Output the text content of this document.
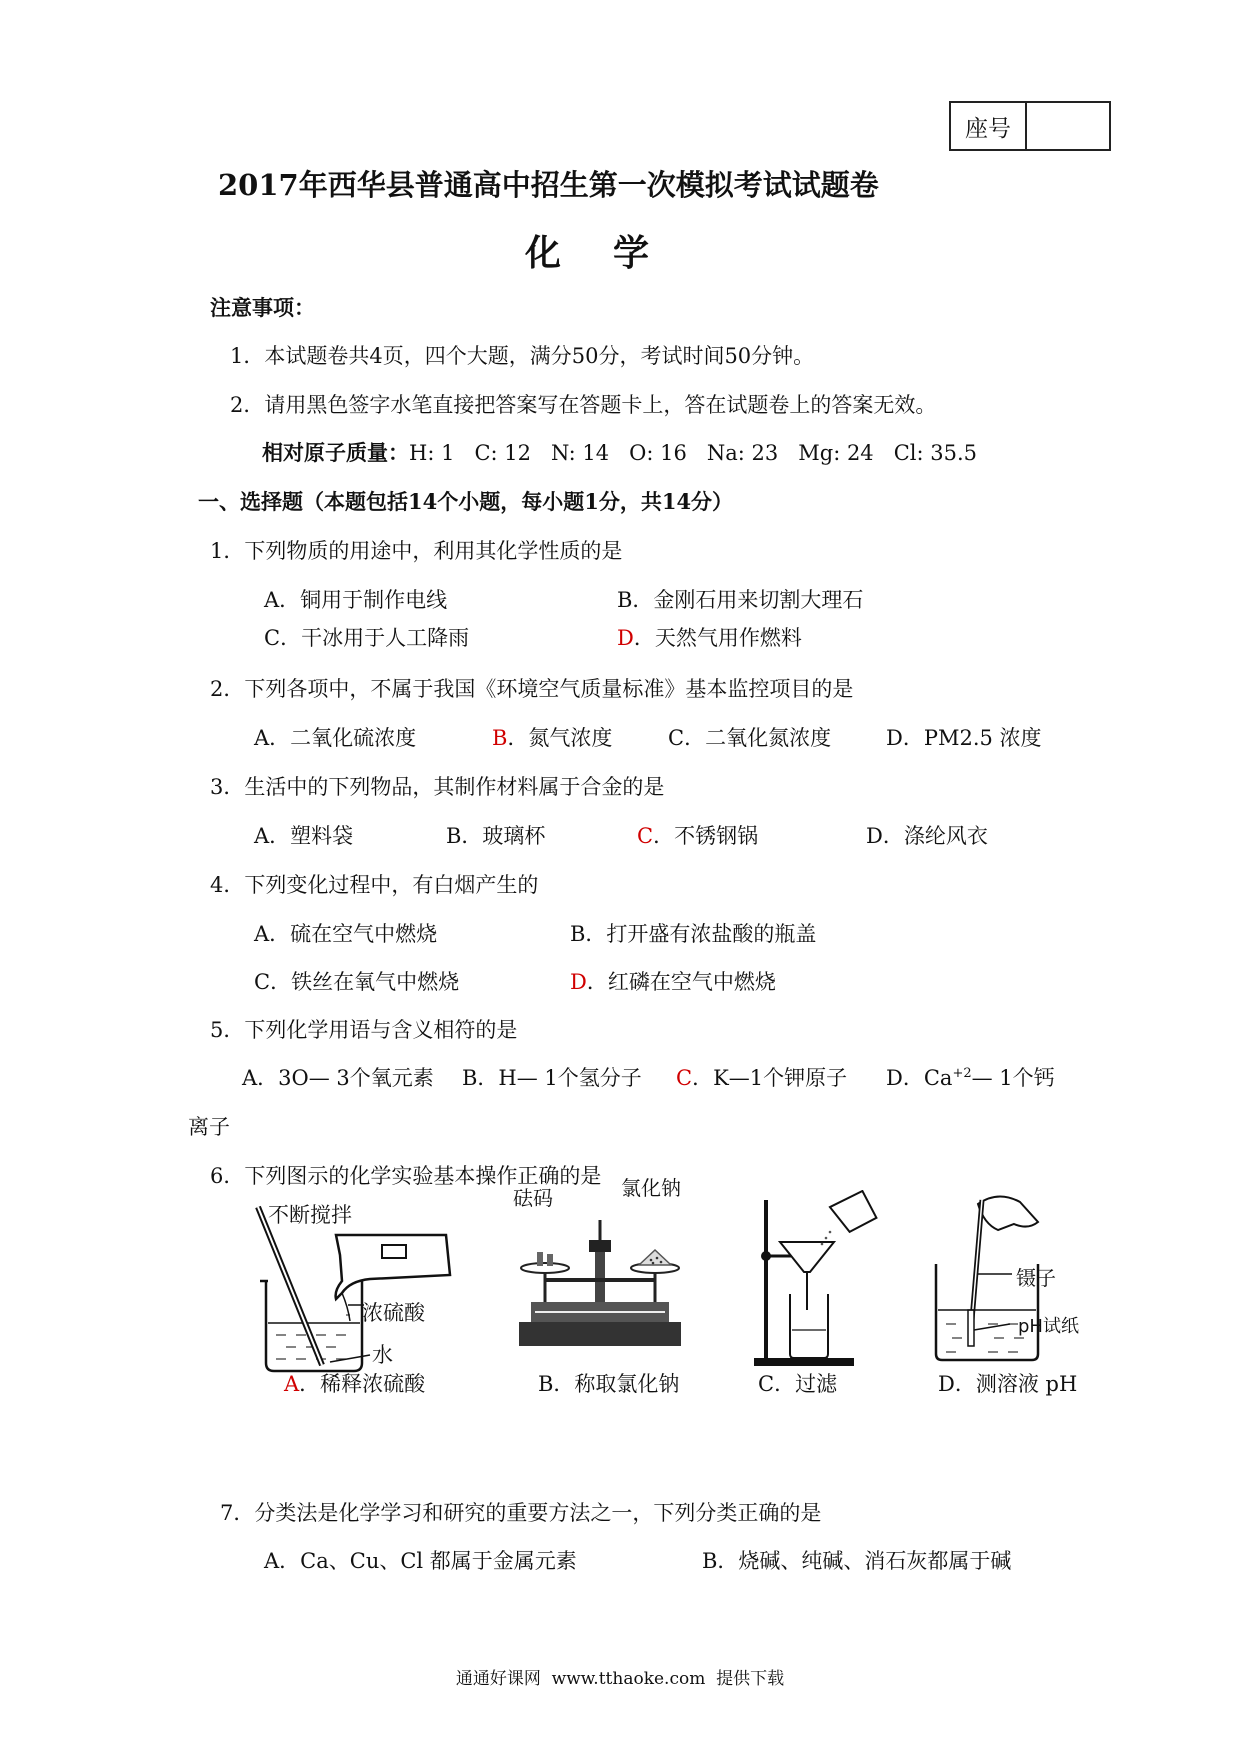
座号
2017年西华县普通高中招生第一次模拟考试试题卷
化学
注意事项：
1．本试题卷共4页，四个大题，满分50分，考试时间50分钟。
2．请用黑色签字水笔直接把答案写在答题卡上，答在试题卷上的答案无效。
相对原子质量：H: 1   C: 12   N: 14   O: 16   Na: 23   Mg: 24   Cl: 35.5
一、选择题（本题包括14个小题，每小题1分，共14分）
1．下列物质的用途中，利用其化学性质的是
A．铜用于制作电线	B．金刚石用来切割大理石
C．干冰用于人工降雨	D．天然气用作燃料
2．下列各项中，不属于我国《环境空气质量标准》基本监控项目的是
A．二氧化硫浓度	B．氮气浓度	C．二氧化氮浓度	D．PM2.5 浓度
3．生活中的下列物品，其制作材料属于合金的是
A．塑料袋	B．玻璃杯	C．不锈钢锅	D．涤纶风衣
4．下列变化过程中，有白烟产生的
A．硫在空气中燃烧	B．打开盛有浓盐酸的瓶盖
C．铁丝在氧气中燃烧	D．红磷在空气中燃烧
5．下列化学用语与含义相符的是
A．3O— 3个氧元素 B．H— 1个氢分子 C．K—1个钾原子 D．$Ca^{+2}—$ 1个钙
离子
6．下列图示的化学实验基本操作正确的是
不断搅拌
浓硫酸
水
砝码	氯化钠
镊子
pH试纸
A．稀释浓硫酸	B．称取氯化钠	C．过滤	D．测溶液 pH
7．分类法是化学学习和研究的重要方法之一，下列分类正确的是
A．Ca、Cu、Cl 都属于金属元素	B．烧碱、纯碱、消石灰都属于碱
通通好课网  www.tthaoke.com  提供下载
